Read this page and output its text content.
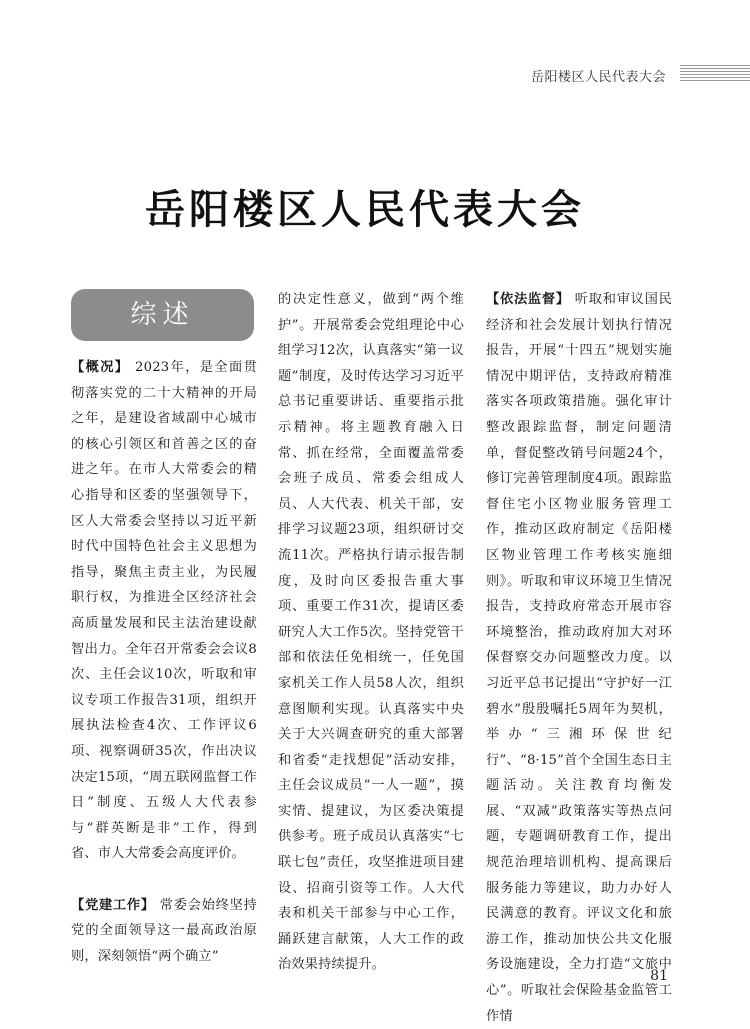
岳阳楼区人民代表大会
岳阳楼区人民代表大会
综述

【概况】 2023年，是全面贯彻落实党的二十大精神的开局之年，是建设省域副中心城市的核心引领区和首善之区的奋进之年。在市人大常委会的精心指导和区委的坚强领导下，区人大常委会坚持以习近平新时代中国特色社会主义思想为指导，聚焦主责主业，为民履职行权，为推进全区经济社会高质量发展和民主法治建设献智出力。全年召开常委会会议8次、主任会议10次，听取和审议专项工作报告31项，组织开展执法检查4次、工作评议6项、视察调研35次，作出决议决定15项，“周五联网监督工作日”制度、五级人大代表参与“群英断是非”工作，得到省、市人大常委会高度评价。

【党建工作】 常委会始终坚持党的全面领导这一最高政治原则，深刻领悟“两个确立”

的决定性意义，做到“两个维护”。开展常委会党组理论中心组学习12次，认真落实“第一议题”制度，及时传达学习习近平总书记重要讲话、重要指示批示精神。将主题教育融入日常、抓在经常，全面覆盖常委会班子成员、常委会组成人员、人大代表、机关干部，安排学习议题23项，组织研讨交流11次。严格执行请示报告制度，及时向区委报告重大事项、重要工作31次，提请区委研究人大工作5次。坚持党管干部和依法任免相统一，任免国家机关工作人员58人次，组织意图顺利实现。认真落实中央关于大兴调查研究的重大部署和省委“走找想促”活动安排，主任会议成员“一人一题”，摸实情、提建议，为区委决策提供参考。班子成员认真落实“七联七包”责任，攻坚推进项目建设、招商引资等工作。人大代表和机关干部参与中心工作，踊跃建言献策，人大工作的政治效果持续提升。

【依法监督】 听取和审议国民经济和社会发展计划执行情况报告，开展“十四五”规划实施情况中期评估，支持政府精准落实各项政策措施。强化审计整改跟踪监督，制定问题清单，督促整改销号问题24个，修订完善管理制度4项。跟踪监督住宅小区物业服务管理工作，推动区政府制定《岳阳楼区物业管理工作考核实施细则》。听取和审议环境卫生情况报告，支持政府常态开展市容环境整治，推动政府加大对环保督察交办问题整改力度。以习近平总书记提出“守护好一江碧水”殷殷嘱托5周年为契机，举办“三湘环保世纪行”、“8·15”首个全国生态日主题活动。关注教育均衡发展、“双减”政策落实等热点问题，专题调研教育工作，提出规范治理培训机构、提高课后服务能力等建议，助力办好人民满意的教育。评议文化和旅游工作，推动加快公共文化服务设施建设，全力打造“文旅中心”。听取社会保险基金监管工作情

81
